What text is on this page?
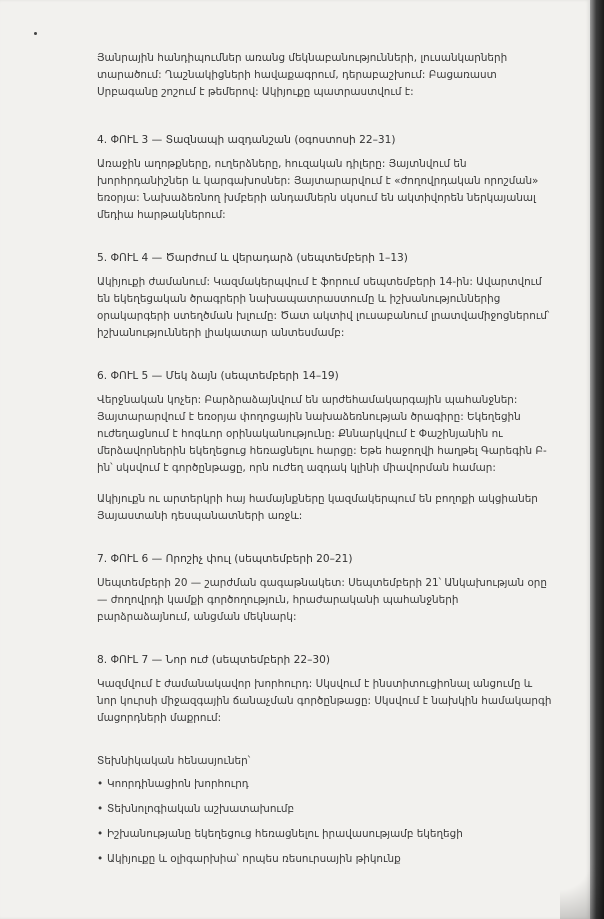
Յանրային հանդիպումներ առանց մեկնաբանությունների, լուսանկարների տարածում: Ղաշնակիցների հավաքագրում, դերաբաշխում: Բացառաստ Սրբագանը շոշում է թեմերով: Ակիյուքը պատրաստվում է:

4. ՓՈՒԼ 3 — Տազնապի ազդանշան (օգոստոսի 22–31)

Առաջին աղոթքները, ուղերձները, հուզական դիլերը: Յայտնվում են խորհրդանիշներ և կարգախոսներ: Յայտարարվում է «ժողովրդական որոշման» եռօրյա: Նախաձեռնող խմբերի անդամներն սկսում են ակտիվորեն ներկայանալ մեդիա հարթակներում:

5. ՓՈՒԼ 4 — Ծարժում և վերադարձ (սեպտեմբերի 1–13)

Ակիյուքի ժամանում: Կազմակերպվում է ֆորում սեպտեմբերի 14-ին: Ավարտվում են եկեղեցական ծրագրերի նախապատրաստումը և իշխանություններից օրակարգերի ստեղծման խլումը: Ծատ ակտիվ լուսաբանում լրատվամիջոցներում՝ իշխանությունների լիակատար անտեսմամբ:

6. ՓՈՒԼ 5 — Մեկ ձայն (սեպտեմբերի 14–19)

Վերջնական կոչեր: Բարձրաձայնվում են արժեհամակարգային պահանջներ: Յայտարարվում է եռօրյա փողոցային նախաձեռնության ծրագիրը: Եկեղեցին ուժեղացնում է հոգևոր օրինականությունը: Քննարկվում է Փաշինյանին ու մերձավորներին եկեղեցուց հեռացնելու հարցը: Եթե հաջողվի հաղթել Գարեգին Բ-ին՝ սկսվում է գործընթացը, որն ուժեղ ազդակ կլինի միավորման համար:

Ակիյուքն ու արտերկրի հայ համայնքները կազմակերպում են բողոքի ակցիաներ Յայաստանի դեսպանատների առջև:

7. ՓՈՒԼ 6 — Որոշիչ փուլ (սեպտեմբերի 20–21)

Սեպտեմբերի 20 — շարժման գագաթնակետ: Սեպտեմբերի 21՝ Անկախության օրը — ժողովրդի կամքի գործողություն, հրաժարականի պահանջների բարձրաձայնում, անցման մեկնարկ:

8. ՓՈՒԼ 7 — Նոր ուժ (սեպտեմբերի 22–30)

Կազմվում է ժամանակավոր խորհուրդ: Սկսվում է ինստիտուցիոնալ անցումը և նոր կուրսի միջազգային ճանաչման գործընթացը: Սկսվում է նախկին համակարգի մացորդների մաքրում:

Տեխնիկական հենասյուներ՝

• Կոորդինացիոն խորհուրդ
• Տեխնոլոգիական աշխատախումբ
• Իշխանությանը եկեղեցուց հեռացնելու իրավասությամբ եկեղեցի
• Ակիյուքը և օլիգարխիա՝ որպես ռեսուրսային թիկունք
